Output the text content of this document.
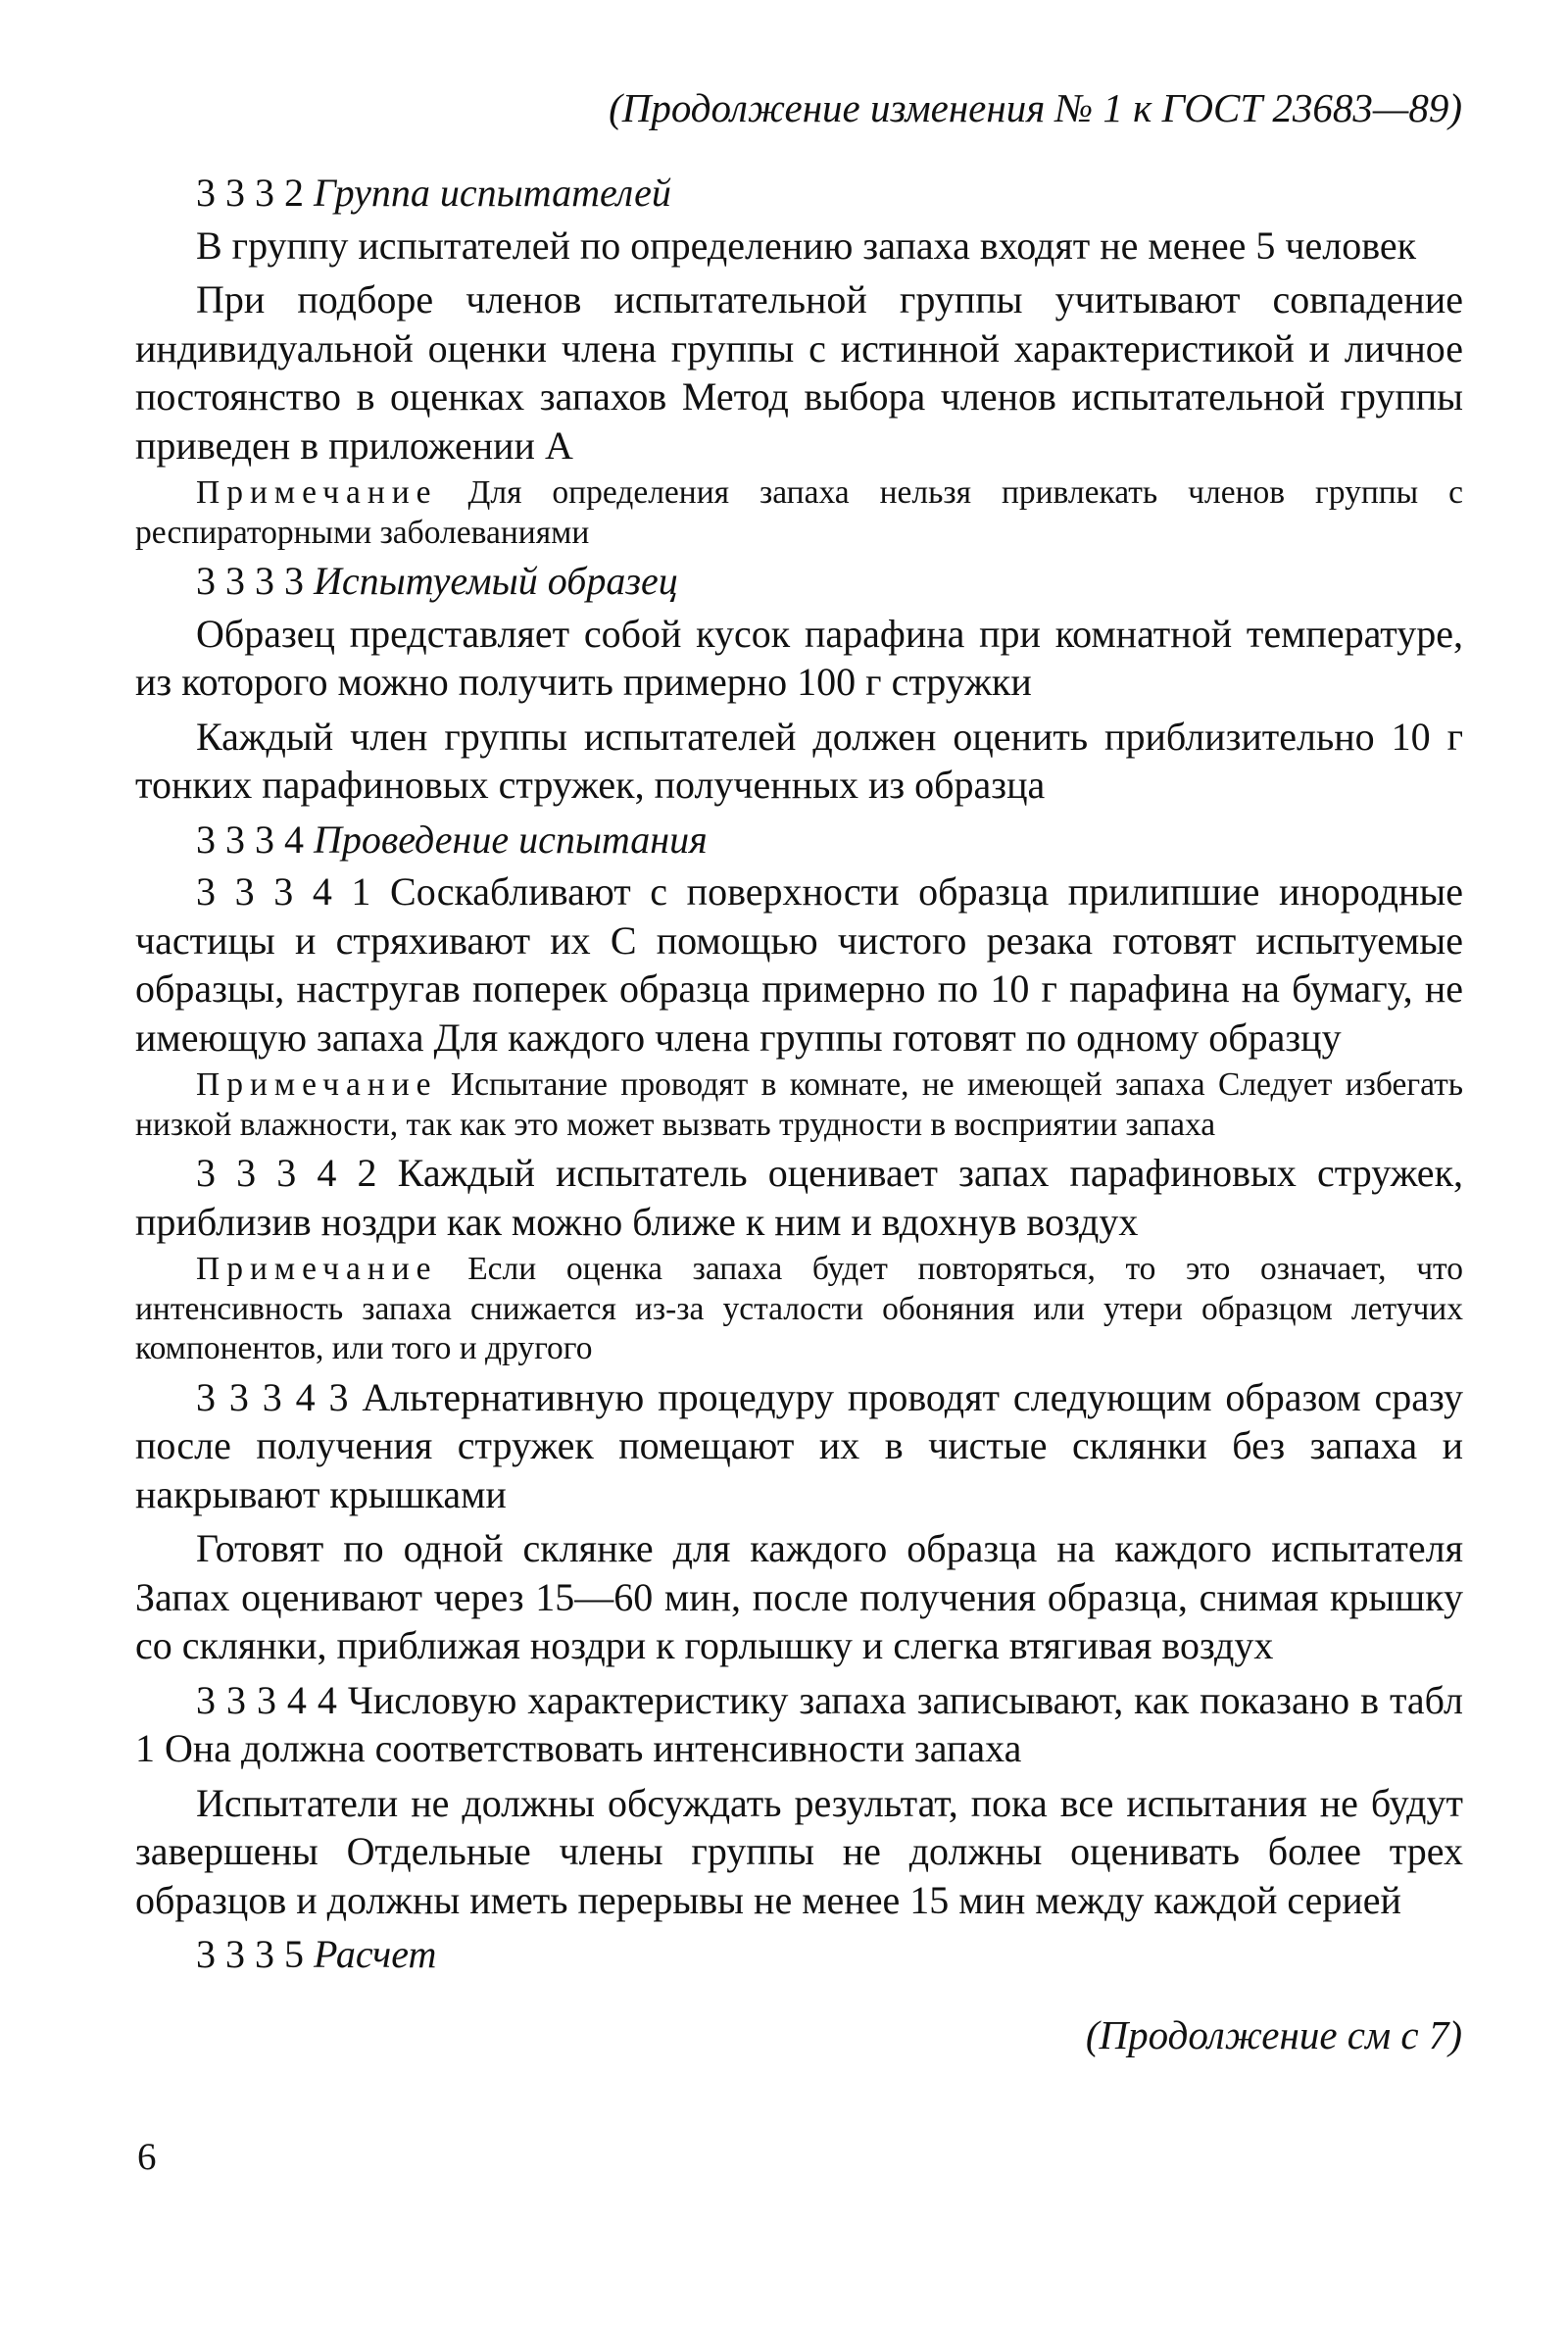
(Продолжение изменения № 1 к ГОСТ 23683—89)
3 3 3 2 Группа испытателей

В группу испытателей по определению запаха входят не менее 5 человек

При подборе членов испытательной группы учитывают совпадение индивидуальной оценки члена группы с истинной характеристикой и личное постоянство в оценках запахов Метод выбора членов испытательной группы приведен в приложении А

Примечание Для определения запаха нельзя привлекать членов группы с респираторными заболеваниями

3 3 3 3 Испытуемый образец

Образец представляет собой кусок парафина при комнатной температуре, из которого можно получить примерно 100 г стружки

Каждый член группы испытателей должен оценить приблизительно 10 г тонких парафиновых стружек, полученных из образца

3 3 3 4 Проведение испытания

3 3 3 4 1 Соскабливают с поверхности образца прилипшие инородные частицы и стряхивают их С помощью чистого резака готовят испытуемые образцы, настругав поперек образца примерно по 10 г парафина на бумагу, не имеющую запаха Для каждого члена группы готовят по одному образцу

Примечание Испытание проводят в комнате, не имеющей запаха Следует избегать низкой влажности, так как это может вызвать трудности в восприятии запаха

3 3 3 4 2 Каждый испытатель оценивает запах парафиновых стружек, приблизив ноздри как можно ближе к ним и вдохнув воздух

Примечание Если оценка запаха будет повторяться, то это означает, что интенсивность запаха снижается из-за усталости обоняния или утери образцом летучих компонентов, или того и другого

3 3 3 4 3 Альтернативную процедуру проводят следующим образом сразу после получения стружек помещают их в чистые склянки без запаха и накрывают крышками

Готовят по одной склянке для каждого образца на каждого испытателя Запах оценивают через 15—60 мин, после получения образца, снимая крышку со склянки, приближая ноздри к горлышку и слегка втягивая воздух

3 3 3 4 4 Числовую характеристику запаха записывают, как показано в табл 1 Она должна соответствовать интенсивности запаха

Испытатели не должны обсуждать результат, пока все испытания не будут завершены Отдельные члены группы не должны оценивать более трех образцов и должны иметь перерывы не менее 15 мин между каждой серией

3 3 3 5 Расчет
(Продолжение см с 7)
6
